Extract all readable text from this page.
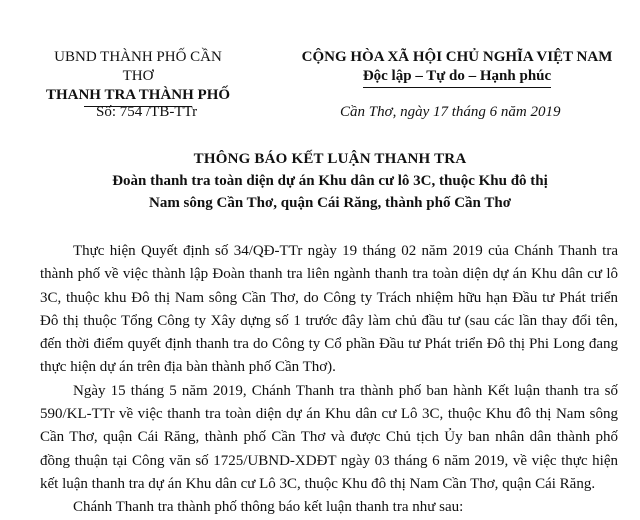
UBND THÀNH PHỐ CẦN THƠ
THANH TRA THÀNH PHỐ
CỘNG HÒA XÃ HỘI CHỦ NGHĨA VIỆT NAM
Độc lập – Tự do – Hạnh phúc
Số: 754 /TB-TTr	Cần Thơ, ngày 17 tháng 6 năm 2019
THÔNG BÁO KẾT LUẬN THANH TRA
Đoàn thanh tra toàn diện dự án Khu dân cư lô 3C, thuộc Khu đô thị
Nam sông Cần Thơ, quận Cái Răng, thành phố Cần Thơ

Thực hiện Quyết định số 34/QĐ-TTr ngày 19 tháng 02 năm 2019 của Chánh Thanh tra thành phố về việc thành lập Đoàn thanh tra liên ngành thanh tra toàn diện dự án Khu dân cư lô 3C, thuộc khu Đô thị Nam sông Cần Thơ, do Công ty Trách nhiệm hữu hạn Đầu tư Phát triển Đô thị thuộc Tổng Công ty Xây dựng số 1 trước đây làm chủ đầu tư (sau các lần thay đổi tên, đến thời điểm quyết định thanh tra do Công ty Cổ phần Đầu tư Phát triển Đô thị Phi Long đang thực hiện dự án trên địa bàn thành phố Cần Thơ).

Ngày 15 tháng 5 năm 2019, Chánh Thanh tra thành phố ban hành Kết luận thanh tra số 590/KL-TTr về việc thanh tra toàn diện dự án Khu dân cư Lô 3C, thuộc Khu đô thị Nam sông Cần Thơ, quận Cái Răng, thành phố Cần Thơ và được Chủ tịch Ủy ban nhân dân thành phố đồng thuận tại Công văn số 1725/UBND-XDĐT ngày 03 tháng 6 năm 2019, về việc thực hiện kết luận thanh tra dự án Khu dân cư Lô 3C, thuộc Khu đô thị Nam Cần Thơ, quận Cái Răng.

Chánh Thanh tra thành phố thông báo kết luận thanh tra như sau:
